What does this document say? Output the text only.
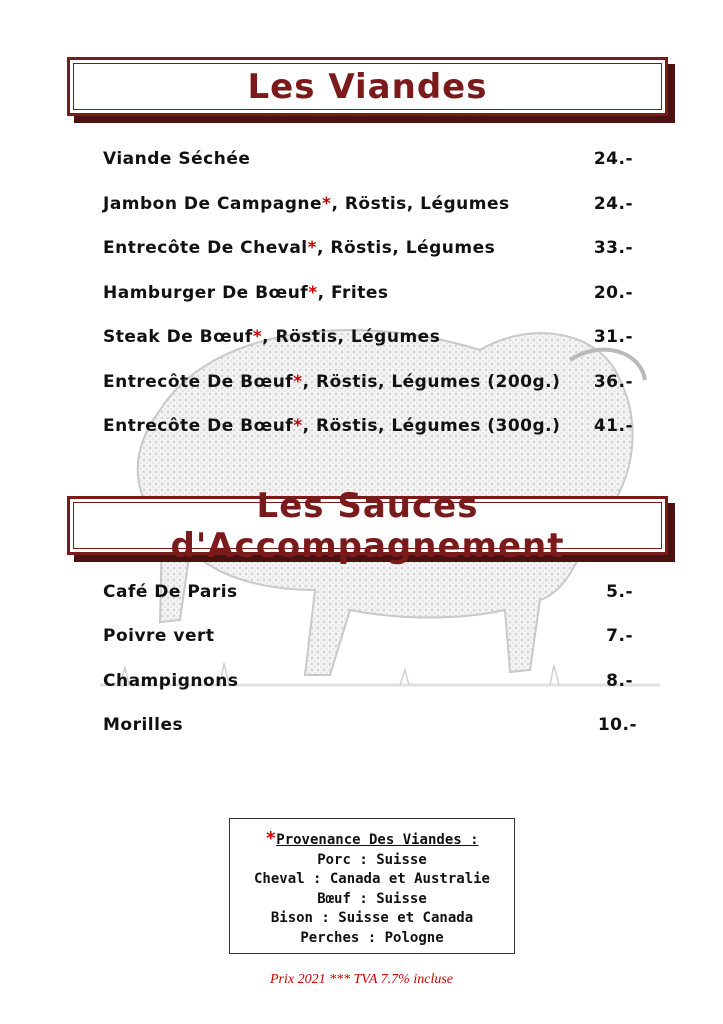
Les Viandes
Viande Séchée	24.-
Jambon De Campagne*, Röstis, Légumes	24.-
Entrecôte De Cheval*, Röstis, Légumes	33.-
Hamburger De Bœuf*, Frites	20.-
Steak De Bœuf*, Röstis, Légumes	31.-
Entrecôte De Bœuf*, Röstis, Légumes (200g.) 36.-
Entrecôte De Bœuf*, Röstis, Légumes (300g.) 41.-
Les Sauces d'Accompagnement
Café De Paris	5.-
Poivre vert	7.-
Champignons	8.-
Morilles	10.-
*Provenance Des Viandes :
Porc : Suisse
Cheval : Canada et Australie
Bœuf : Suisse
Bison : Suisse et Canada
Perches : Pologne
Prix 2021 *** TVA 7.7% incluse
